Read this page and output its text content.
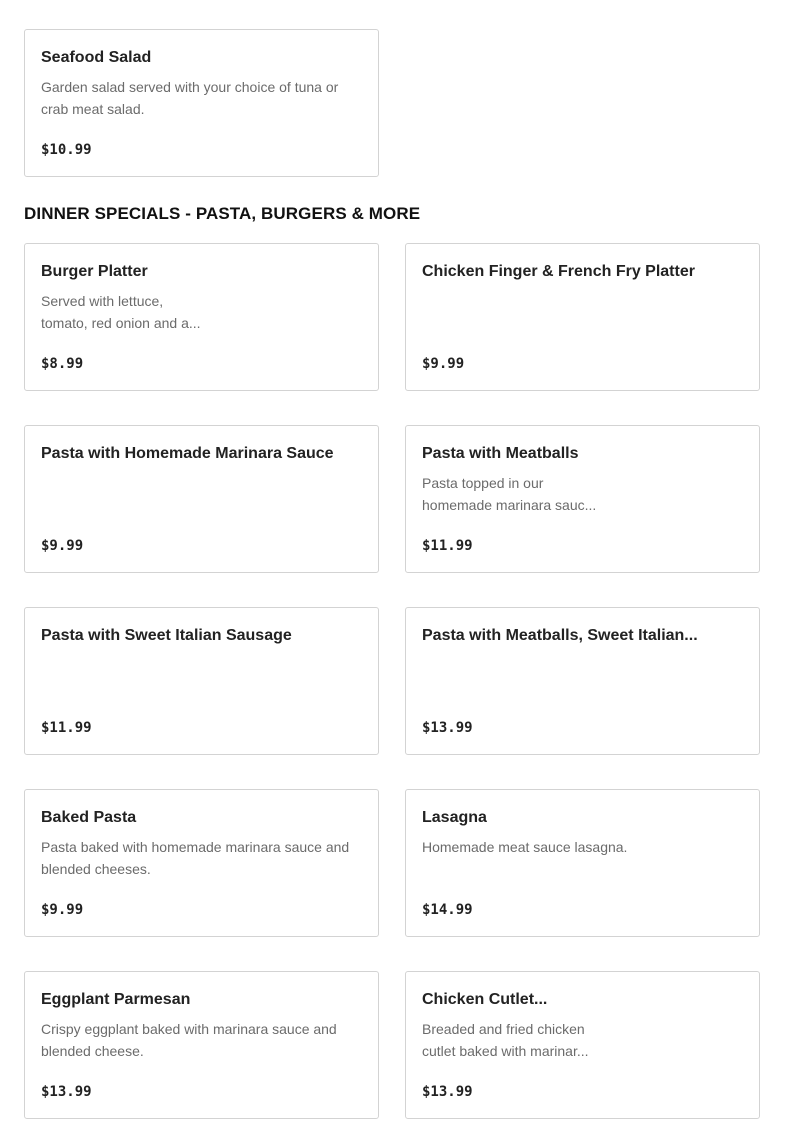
Seafood Salad
Garden salad served with your choice of tuna or
crab meat salad.
$10.99
DINNER SPECIALS - PASTA, BURGERS & MORE
Burger Platter
Served with lettuce,
tomato, red onion and a...
$8.99
Chicken Finger & French Fry Platter
$9.99
Pasta with Homemade Marinara Sauce
$9.99
Pasta with Meatballs
Pasta topped in our
homemade marinara sauc...
$11.99
Pasta with Sweet Italian Sausage
$11.99
Pasta with Meatballs, Sweet Italian...
$13.99
Baked Pasta
Pasta baked with homemade marinara sauce and
blended cheeses.
$9.99
Lasagna
Homemade meat sauce lasagna.
$14.99
Eggplant Parmesan
Crispy eggplant baked with marinara sauce and
blended cheese.
$13.99
Chicken Cutlet...
Breaded and fried chicken
cutlet baked with marinar...
$13.99
